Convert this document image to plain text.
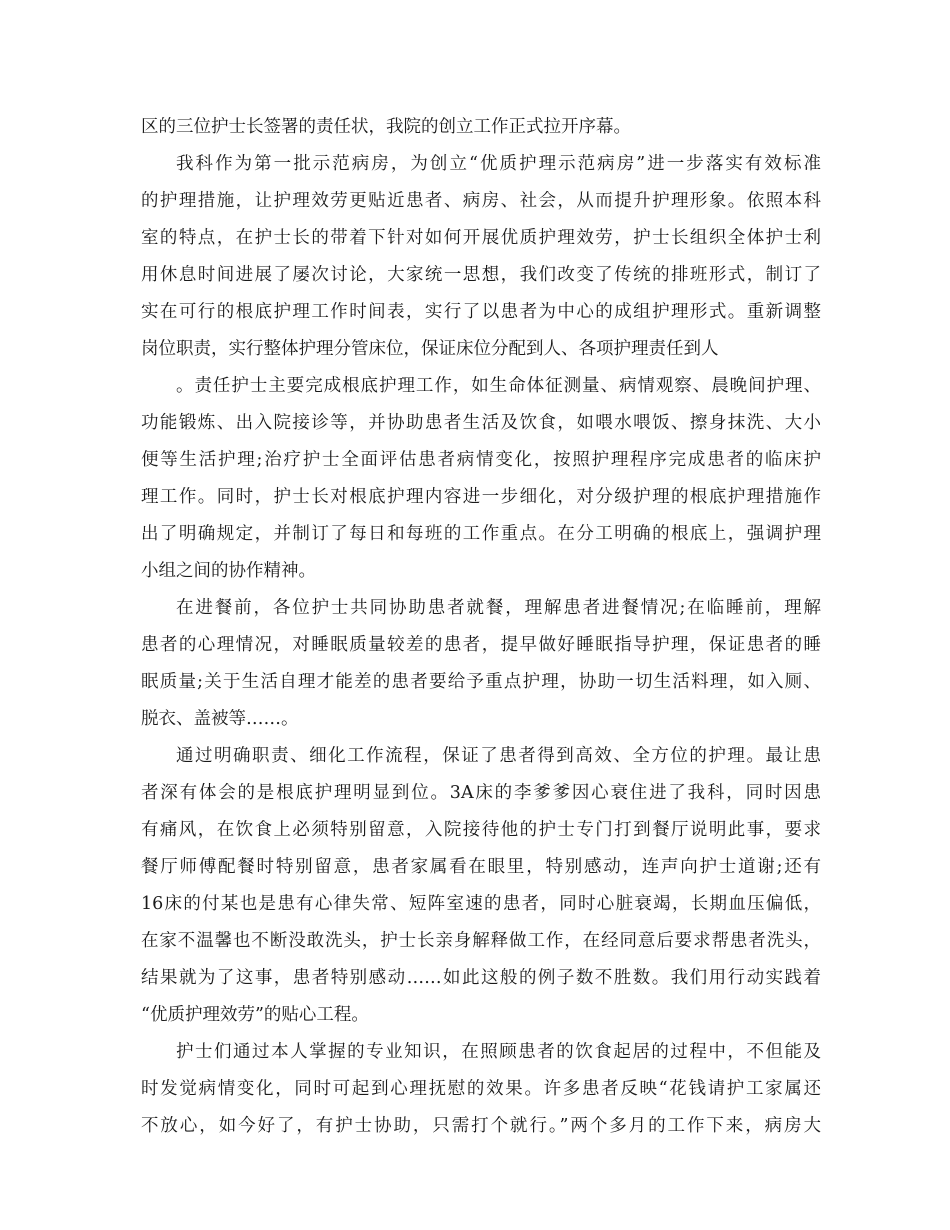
区的三位护士长签署的责任状，我院的创立工作正式拉开序幕。
我科作为第一批示范病房，为创立“优质护理示范病房”进一步落实有效标准
的护理措施，让护理效劳更贴近患者、病房、社会，从而提升护理形象。依照本科
室的特点，在护士长的带着下针对如何开展优质护理效劳，护士长组织全体护士利
用休息时间进展了屡次讨论，大家统一思想，我们改变了传统的排班形式，制订了
实在可行的根底护理工作时间表，实行了以患者为中心的成组护理形式。重新调整
岗位职责，实行整体护理分管床位，保证床位分配到人、各项护理责任到人
。责任护士主要完成根底护理工作，如生命体征测量、病情观察、晨晚间护理、
功能锻炼、出入院接诊等，并协助患者生活及饮食，如喂水喂饭、擦身抹洗、大小
便等生活护理;治疗护士全面评估患者病情变化，按照护理程序完成患者的临床护
理工作。同时，护士长对根底护理内容进一步细化，对分级护理的根底护理措施作
出了明确规定，并制订了每日和每班的工作重点。在分工明确的根底上，强调护理
小组之间的协作精神。
在进餐前，各位护士共同协助患者就餐，理解患者进餐情况;在临睡前，理解
患者的心理情况，对睡眠质量较差的患者，提早做好睡眠指导护理，保证患者的睡
眠质量;关于生活自理才能差的患者要给予重点护理，协助一切生活料理，如入厕、
脱衣、盖被等……。
通过明确职责、细化工作流程，保证了患者得到高效、全方位的护理。最让患
者深有体会的是根底护理明显到位。3A床的李爹爹因心衰住进了我科，同时因患
有痛风，在饮食上必须特别留意，入院接待他的护士专门打到餐厅说明此事，要求
餐厅师傅配餐时特别留意，患者家属看在眼里，特别感动，连声向护士道谢;还有
16床的付某也是患有心律失常、短阵室速的患者，同时心脏衰竭，长期血压偏低，
在家不温馨也不断没敢洗头，护士长亲身解释做工作，在经同意后要求帮患者洗头，
结果就为了这事，患者特别感动……如此这般的例子数不胜数。我们用行动实践着
“优质护理效劳”的贴心工程。
护士们通过本人掌握的专业知识，在照顾患者的饮食起居的过程中，不但能及
时发觉病情变化，同时可起到心理抚慰的效果。许多患者反映“花钱请护工家属还
不放心，如今好了，有护士协助，只需打个就行。”两个多月的工作下来，病房大
